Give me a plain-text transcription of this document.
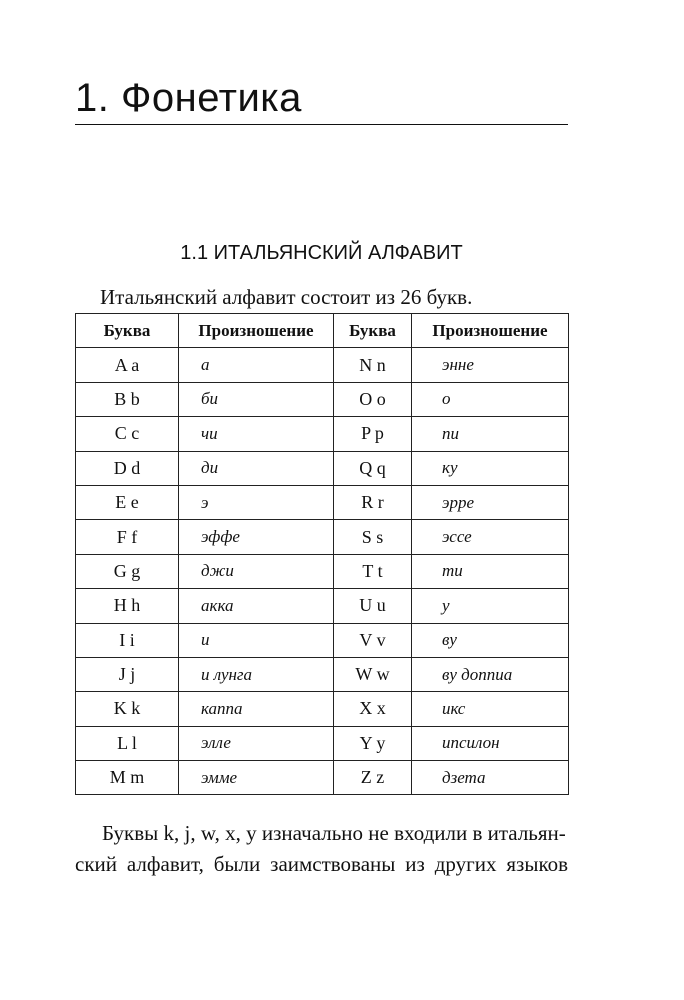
1. Фонетика
1.1 ИТАЛЬЯНСКИЙ АЛФАВИТ

Итальянский алфавит состоит из 26 букв.

Буква	Произношение	Буква	Произношение
A a	а	N n	энне
B b	би	O o	о
C c	чи	P p	пи
D d	ди	Q q	ку
E e	э	R r	эрре
F f	эффе	S s	эссе
G g	джи	T t	ти
H h	акка	U u	у
I i	и	V v	ву
J j	и лунга	W w	ву доппиа
K k	каппа	X x	икс
L l	элле	Y y	ипсилон
M m	эмме	Z z	дзета

Буквы k, j, w, x, y изначально не входили в итальян-

ский алфавит, были заимствованы из других языков
